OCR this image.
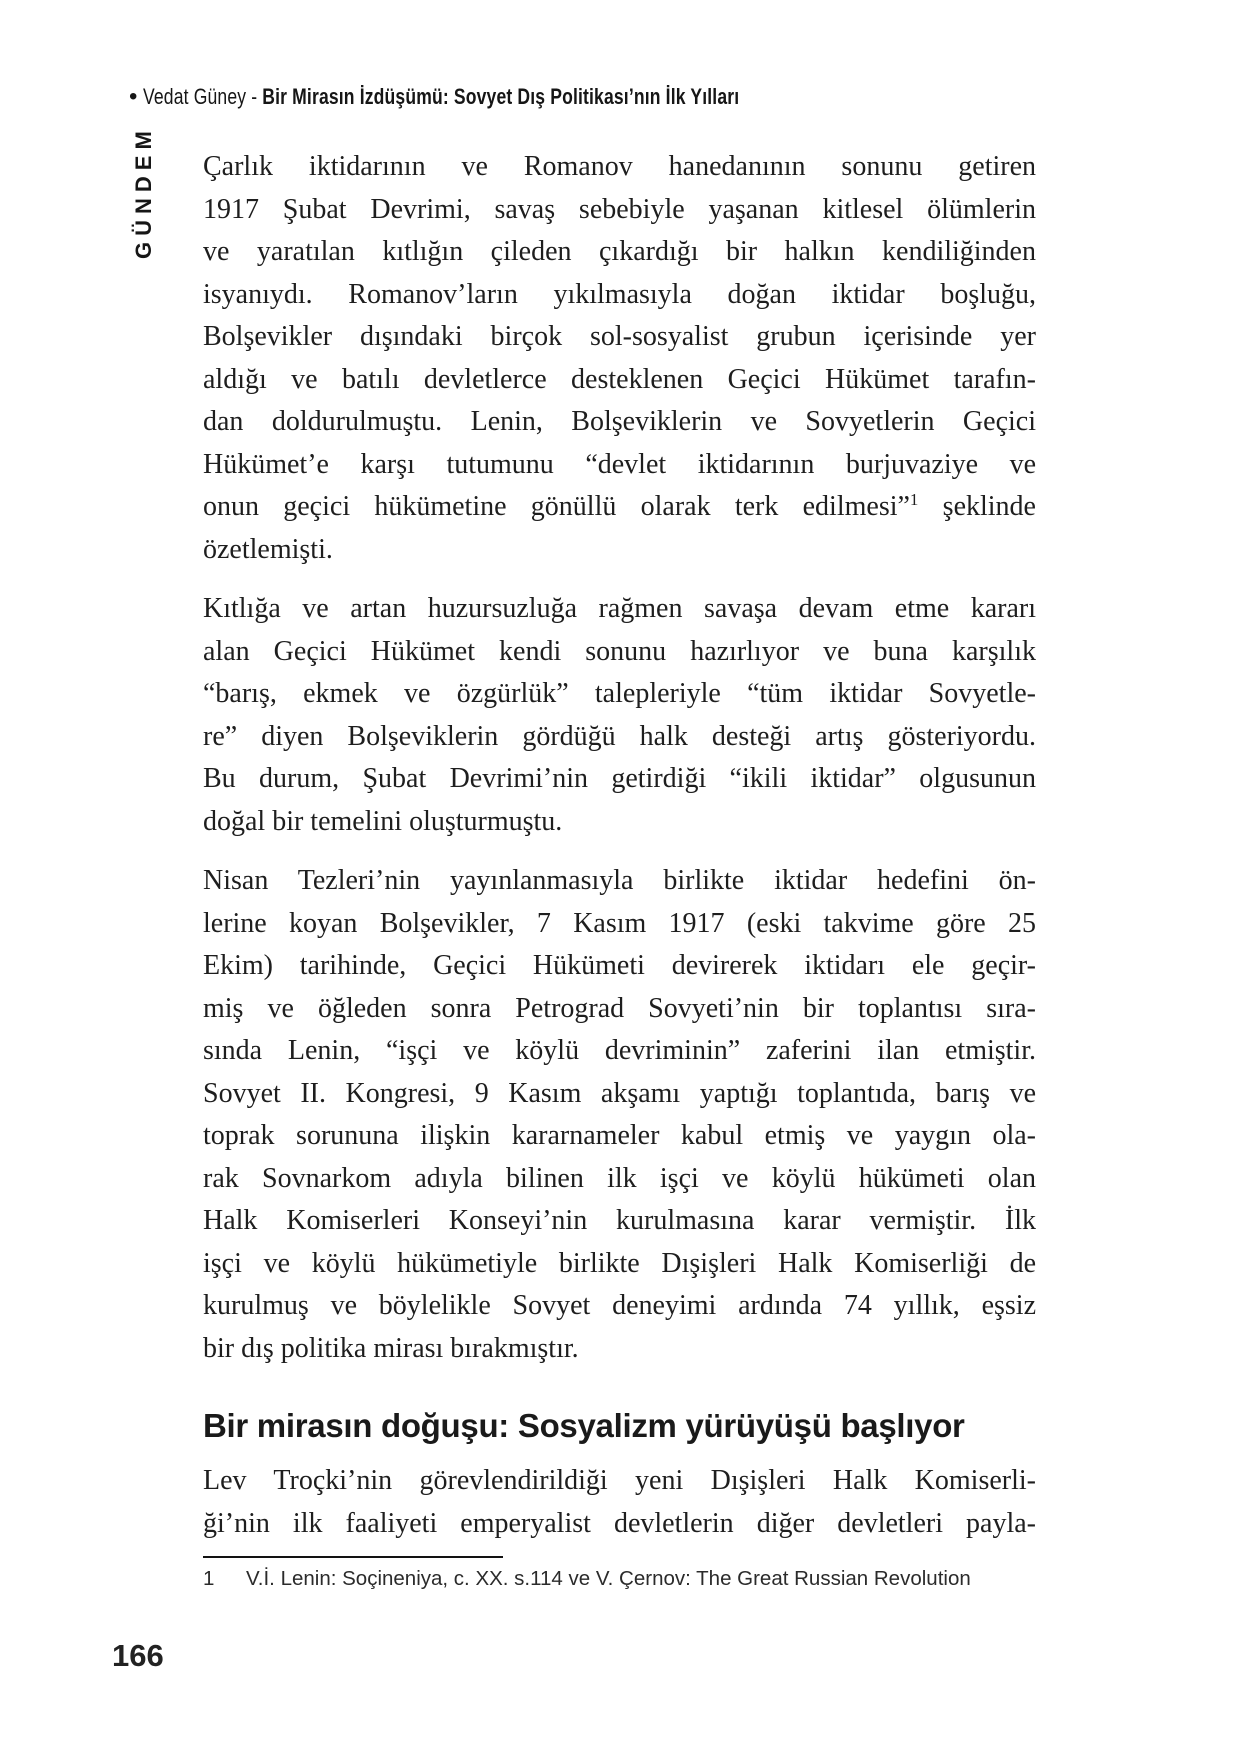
• Vedat Güney - Bir Mirasın İzdüşümü: Sovyet Dış Politikası’nın İlk Yılları
GÜNDEM	Çarlık iktidarının ve Romanov hanedanının sonunu getiren
1917 Şubat Devrimi, savaş sebebiyle yaşanan kitlesel ölümlerin
ve yaratılan kıtlığın çileden çıkardığı bir halkın kendiliğinden
isyanıydı. Romanov’ların yıkılmasıyla doğan iktidar boşluğu,
Bolşevikler dışındaki birçok sol-sosyalist grubun içerisinde yer
aldığı ve batılı devletlerce desteklenen Geçici Hükümet tarafın-
dan doldurulmuştu. Lenin, Bolşeviklerin ve Sovyetlerin Geçici
Hükümet’e karşı tutumunu “devlet iktidarının burjuvaziye ve
onun geçici hükümetine gönüllü olarak terk edilmesi”$^1$ şeklinde
özetlemişti.
Kıtlığa ve artan huzursuzluğa rağmen savaşa devam etme kararı
alan Geçici Hükümet kendi sonunu hazırlıyor ve buna karşılık
“barış, ekmek ve özgürlük” talepleriyle “tüm iktidar Sovyetle-
re” diyen Bolşeviklerin gördüğü halk desteği artış gösteriyordu.
Bu durum, Şubat Devrimi’nin getirdiği “ikili iktidar” olgusunun
doğal bir temelini oluşturmuştu.
Nisan Tezleri’nin yayınlanmasıyla birlikte iktidar hedefini ön-
lerine koyan Bolşevikler, 7 Kasım 1917 (eski takvime göre 25
Ekim) tarihinde, Geçici Hükümeti devirerek iktidarı ele geçir-
miş ve öğleden sonra Petrograd Sovyeti’nin bir toplantısı sıra-
sında Lenin, “işçi ve köylü devriminin” zaferini ilan etmiştir.
Sovyet II. Kongresi, 9 Kasım akşamı yaptığı toplantıda, barış ve
toprak sorununa ilişkin kararnameler kabul etmiş ve yaygın ola-
rak Sovnarkom adıyla bilinen ilk işçi ve köylü hükümeti olan
Halk Komiserleri Konseyi’nin kurulmasına karar vermiştir. İlk
işçi ve köylü hükümetiyle birlikte Dışişleri Halk Komiserliği de
kurulmuş ve böylelikle Sovyet deneyimi ardında 74 yıllık, eşsiz
bir dış politika mirası bırakmıştır.
Bir mirasın doğuşu: Sosyalizm yürüyüşü başlıyor
Lev Troçki’nin görevlendirildiği yeni Dışişleri Halk Komiserli-
ği’nin ilk faaliyeti emperyalist devletlerin diğer devletleri payla-
1	V.İ. Lenin: Soçineniya, c. XX. s.114 ve V. Çernov: The Great Russian Revolution
166
